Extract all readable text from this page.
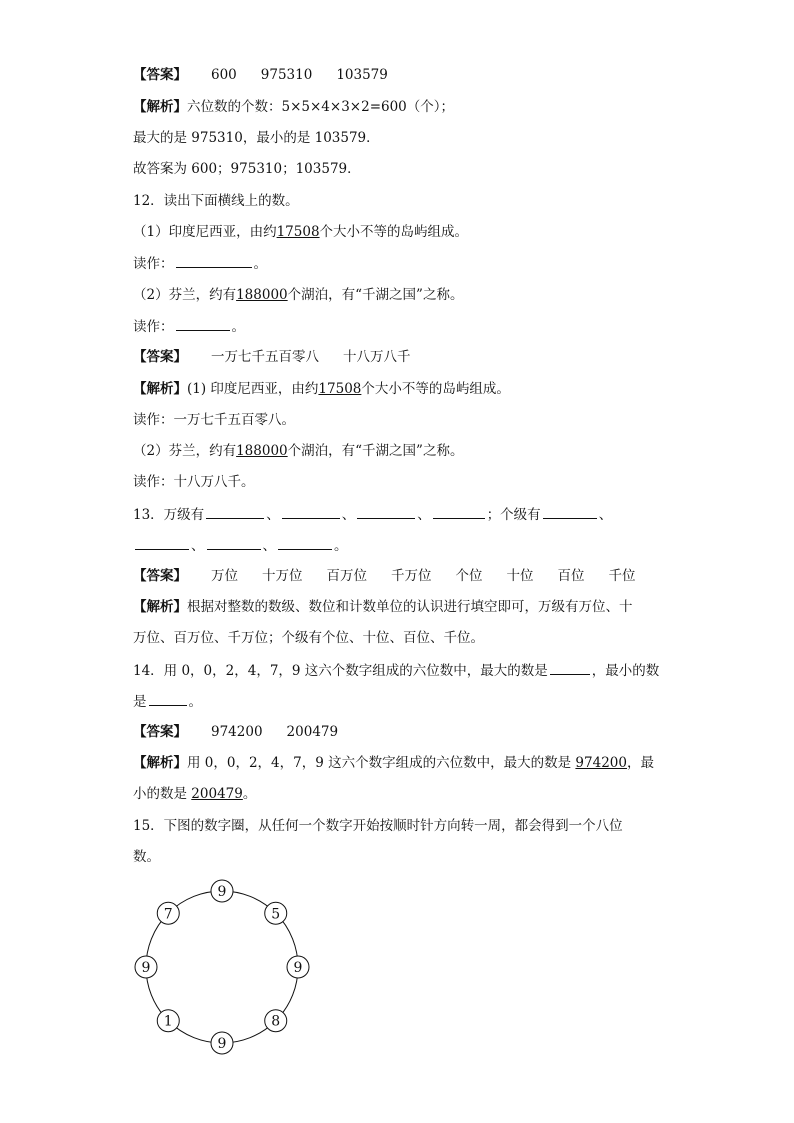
【答案】 600 975310 103579
【解析】六位数的个数：5×5×4×3×2=600（个）；
最大的是 975310，最小的是 103579．
故答案为 600；975310；103579．
12．读出下面横线上的数。
（1）印度尼西亚，由约17508个大小不等的岛屿组成。
读作：	。
（2）芬兰，约有188000个湖泊，有“千湖之国”之称。
读作：	。
【答案】 一万七千五百零八 十八万八千
【解析】(1) 印度尼西亚，由约17508个大小不等的岛屿组成。
读作：一万七千五百零八。
（2）芬兰，约有188000个湖泊，有“千湖之国”之称。
读作：十八万八千。
13．万级有	、	、	、	；个级有	、
、	、	。
【答案】 万位 十万位 百万位 千万位 个位 十位 百位 千位
【解析】根据对整数的数级、数位和计数单位的认识进行填空即可，万级有万位、十
万位、百万位、千万位；个级有个位、十位、百位、千位。
14．用 0，0，2，4，7，9 这六个数字组成的六位数中，最大的数是	，最小的数
是	。
【答案】 974200 200479
【解析】用 0，0，2，4，7，9 这六个数字组成的六位数中，最大的数是 974200，最
小的数是 200479。
15．下图的数字圈，从任何一个数字开始按顺时针方向转一周，都会得到一个八位
数。
9
5
9
8
9
1
9
7
